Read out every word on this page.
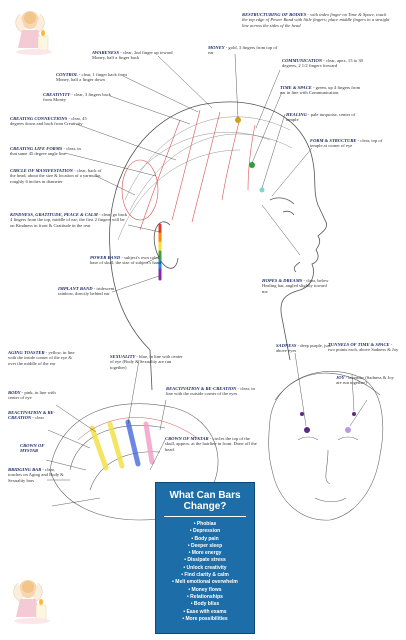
RESTRUCTURING OF BODIES - with index finger on Time & Space, touch the top edge of Power Band with little fingers; place middle fingers in a straight line across the sides of the head
MONEY - gold, 3 fingers from top of ear
AWARENESS - clear, 2nd finger up toward Money, half a finger back
CONTROL - clear, 1 finger back from Money, half a finger down
COMMUNICATION - clear, apex, 15 to 30 degrees, 2 1/2 fingers forward
CREATIVITY - clear, 3 fingers back from Money
TIME & SPACE - green, up 4 fingers from ear in line with Communication
HEALING - pale turquoise, center of temple
CREATING CONNECTIONS - clear, 45 degrees down and back from Creativity
FORM & STRUCTURE - clear, top of temple at corner of eye
CREATING LIFE FORMS - clear, in that same 45 degree angle line
CIRCLE OF MANIFESTATION - clear, back of the head, about the size & location of a yarmulke, roughly 6 inches in diameter
KINDNESS, GRATITUDE, PEACE & CALM - clear, go back 4 fingers from the top, middle of ear; the first 2 fingers will be on Kindness in front & Gratitude in the rear
POWER BAND - subject's own color, base of skull, the size of subject's hand
IMPLANT BAND - iridescent rainbow, directly behind ear
HOPES & DREAMS - clear, below Healing bar, angled slightly toward me
AGING TOASTER - yellow, in line with the inside corner of the eye & over the middle of the ear
SEXUALITY - blue, in line with center of eye (Body & Sexuality are run together)
BODY - pink, in line with center of eye
REACTIVATION & RE-CREATION - clear, in line with the outside corner of the eyes
REACTIVATION & RE-CREATION - clear
CROWN OF MYSTAR
CROWN OF MYSTAR - circles the top of the skull, approx. at the hairline in front. Done off the head.
BRIDGING BAR - clear, touches on Aging and Body & Sexuality bars
SADNESS - deep purple, just above eyes
TUNNELS OF TIME & SPACE - two points each, above Sadness & Joy
JOY - lavender (Sadness & Joy are run together)
What Can Bars Change?
• Phobias
• Depression
• Body pain
• Deeper sleep
• More energy
• Dissipate stress
• Unlock creativity
• Find clarity & calm
• Melt emotional overwhelm
• Money flows
• Relationships
• Body bliss
• Ease with exams
• More possibilities
